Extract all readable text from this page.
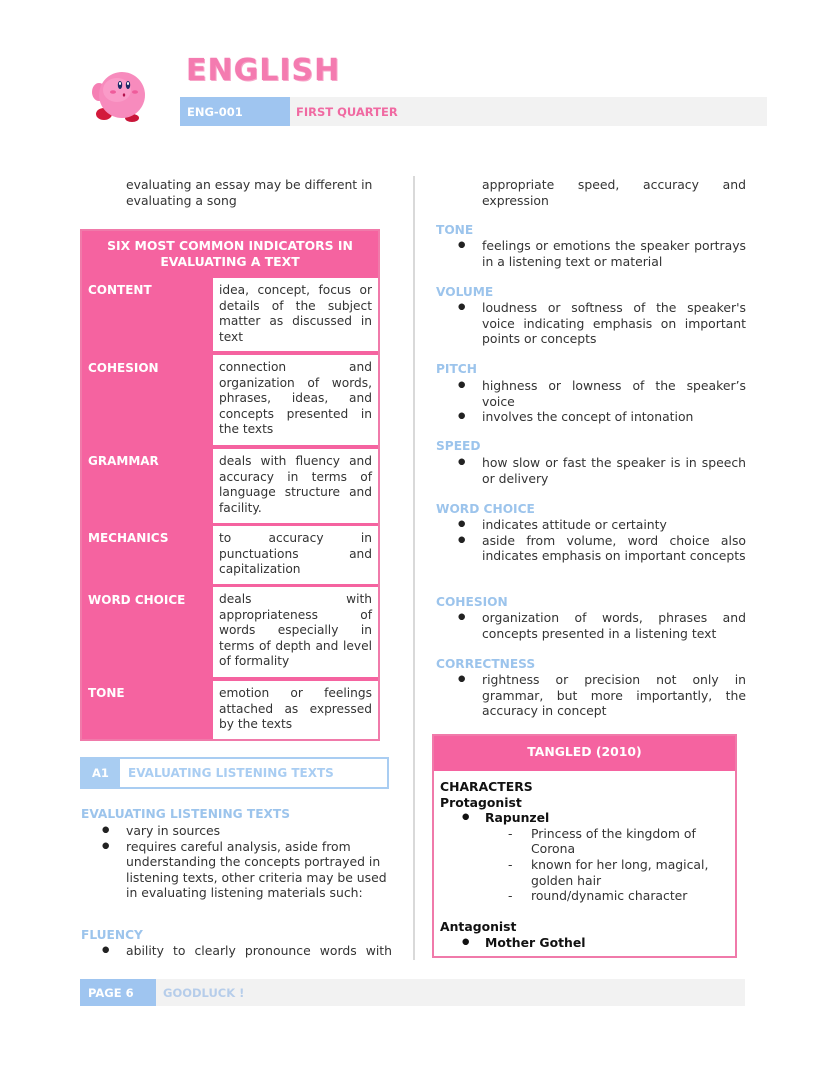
ENGLISH
ENG-001	FIRST QUARTER
evaluating an essay may be different in evaluating a song
SIX MOST COMMON INDICATORS IN EVALUATING A TEXT
CONTENT	idea, concept, focus or details of the subject matter as discussed in text
COHESION	connection and organization of words, phrases, ideas, and concepts presented in the texts
GRAMMAR	deals with fluency and accuracy in terms of language structure and facility.
MECHANICS	to accuracy in punctuations and capitalization
WORD CHOICE	deals with appropriateness of words especially in terms of depth and level of formality
TONE	emotion or feelings attached as expressed by the texts
A1	EVALUATING LISTENING TEXTS
EVALUATING LISTENING TEXTS
● vary in sources
● requires careful analysis, aside from understanding the concepts portrayed in listening texts, other criteria may be used in evaluating listening materials such:
FLUENCY
● ability to clearly pronounce words with
appropriate speed, accuracy and expression
TONE
● feelings or emotions the speaker portrays in a listening text or material
VOLUME
● loudness or softness of the speaker's voice indicating emphasis on important points or concepts
PITCH
● highness or lowness of the speaker’s voice
● involves the concept of intonation
SPEED
● how slow or fast the speaker is in speech or delivery
WORD CHOICE
● indicates attitude or certainty
● aside from volume, word choice also indicates emphasis on important concepts
COHESION
● organization of words, phrases and concepts presented in a listening text
CORRECTNESS
● rightness or precision not only in grammar, but more importantly, the accuracy in concept
TANGLED (2010)
CHARACTERS
Protagonist
● Rapunzel
- Princess of the kingdom of Corona
- known for her long, magical, golden hair
- round/dynamic character
Antagonist
● Mother Gothel
PAGE 6	GOODLUCK !
